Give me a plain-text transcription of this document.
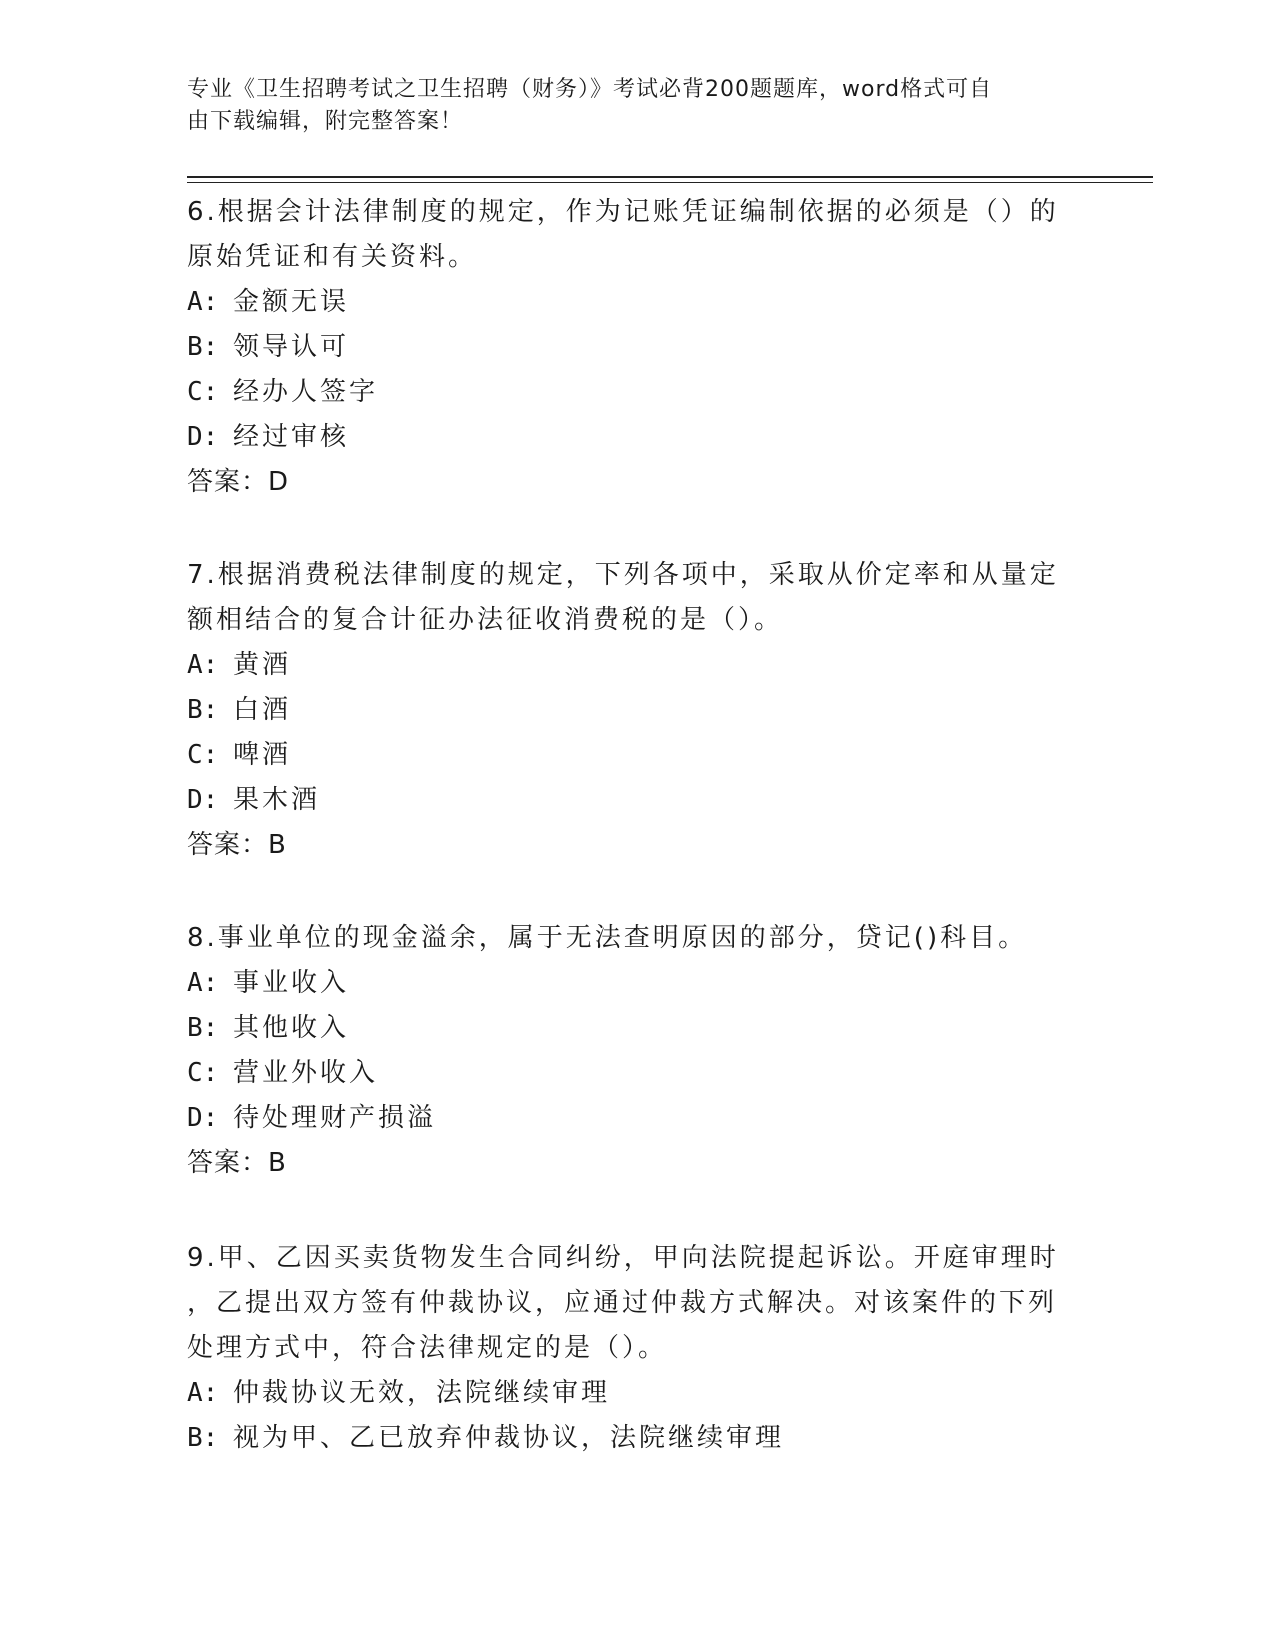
专业《卫生招聘考试之卫生招聘（财务）》考试必背200题题库，word格式可自
由下载编辑，附完整答案！

6.根据会计法律制度的规定，作为记账凭证编制依据的必须是（）的

原始凭证和有关资料。

A: 金额无误

B: 领导认可

C: 经办人签字

D: 经过审核

答案：D

7.根据消费税法律制度的规定，下列各项中，采取从价定率和从量定

额相结合的复合计征办法征收消费税的是（）。

A: 黄酒

B: 白酒

C: 啤酒

D: 果木酒

答案：B

8.事业单位的现金溢余，属于无法查明原因的部分，贷记()科目。

A: 事业收入

B: 其他收入

C: 营业外收入

D: 待处理财产损溢

答案：B

9.甲、乙因买卖货物发生合同纠纷，甲向法院提起诉讼。开庭审理时

，乙提出双方签有仲裁协议，应通过仲裁方式解决。对该案件的下列

处理方式中，符合法律规定的是（）。

A: 仲裁协议无效，法院继续审理

B: 视为甲、乙已放弃仲裁协议，法院继续审理
